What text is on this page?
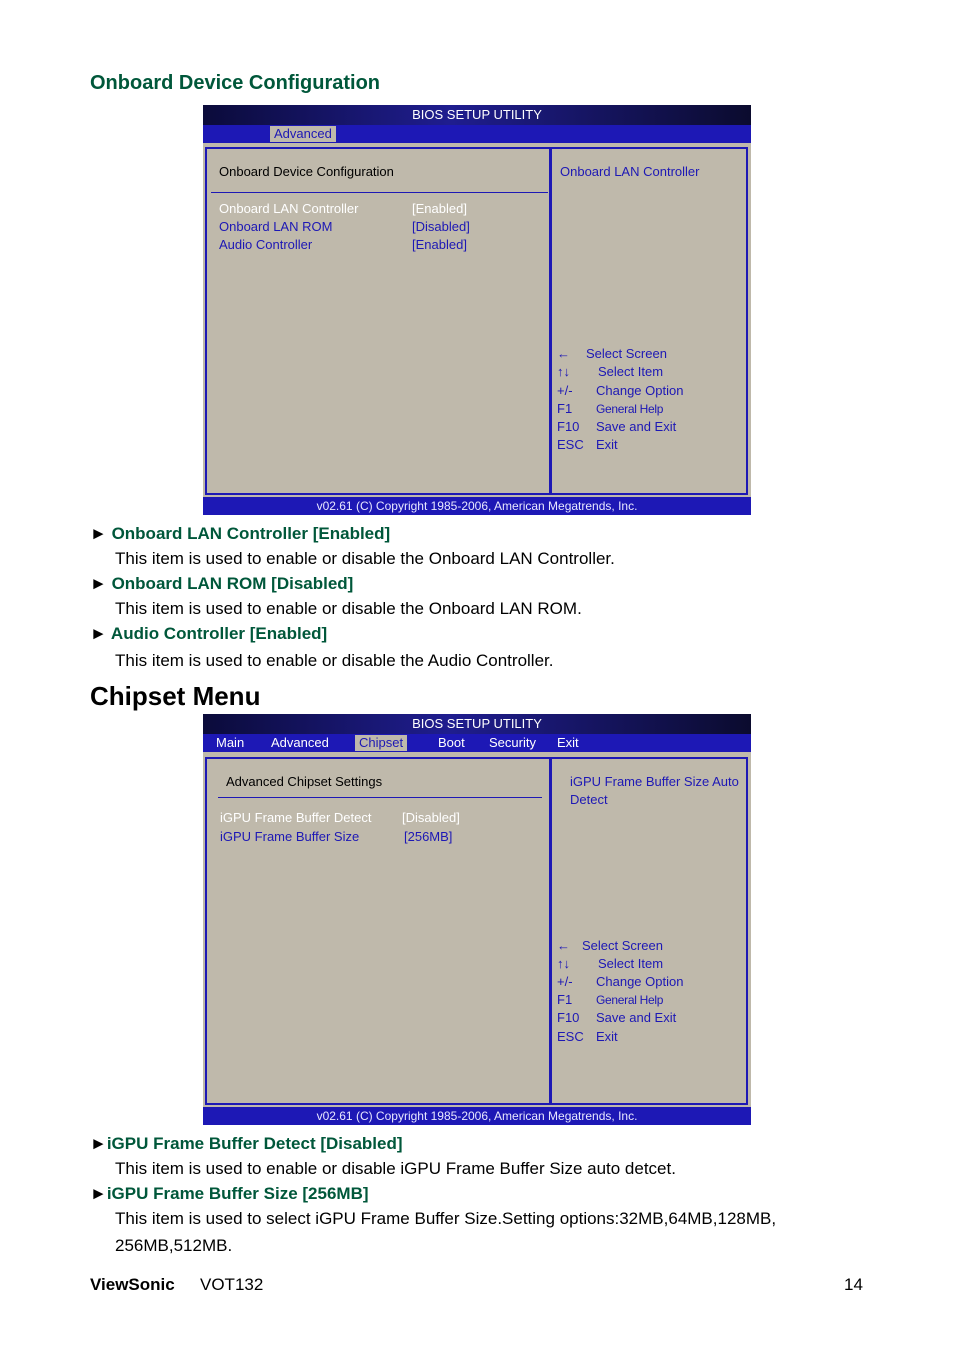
Onboard Device Configuration
BIOS SETUP UTILITY
Advanced
Onboard Device Configuration
Onboard LAN Controller	[Enabled]
Onboard LAN ROM	[Disabled]
Audio Controller	[Enabled]
Onboard LAN Controller
← Select Screen
↑↓ Select Item
+/- Change Option
F1 General Help
F10 Save and Exit
ESC Exit
v02.61 (C) Copyright 1985-2006, American Megatrends, Inc.
► Onboard LAN Controller [Enabled]
This item is used to enable or disable the Onboard LAN Controller.
► Onboard LAN ROM [Disabled]
This item is used to enable or disable the Onboard LAN ROM.
► Audio Controller [Enabled]
This item is used to enable or disable the Audio Controller.
Chipset Menu
BIOS SETUP UTILITY
Main Advanced	Chipset	Boot Security Exit
Advanced Chipset Settings
iGPU Frame Buffer Detect [Disabled]
iGPU Frame Buffer Size	[256MB]
iGPU Frame Buffer Size Auto
Detect
← Select Screen
↑↓ Select Item
+/- Change Option
F1 General Help
F10 Save and Exit
ESC Exit
v02.61 (C) Copyright 1985-2006, American Megatrends, Inc.
►iGPU Frame Buffer Detect [Disabled]
This item is used to enable or disable iGPU Frame Buffer Size auto detcet.
►iGPU Frame Buffer Size [256MB]
This item is used to select iGPU Frame Buffer Size.Setting options:32MB,64MB,128MB,
256MB,512MB.
ViewSonic VOT132	14
